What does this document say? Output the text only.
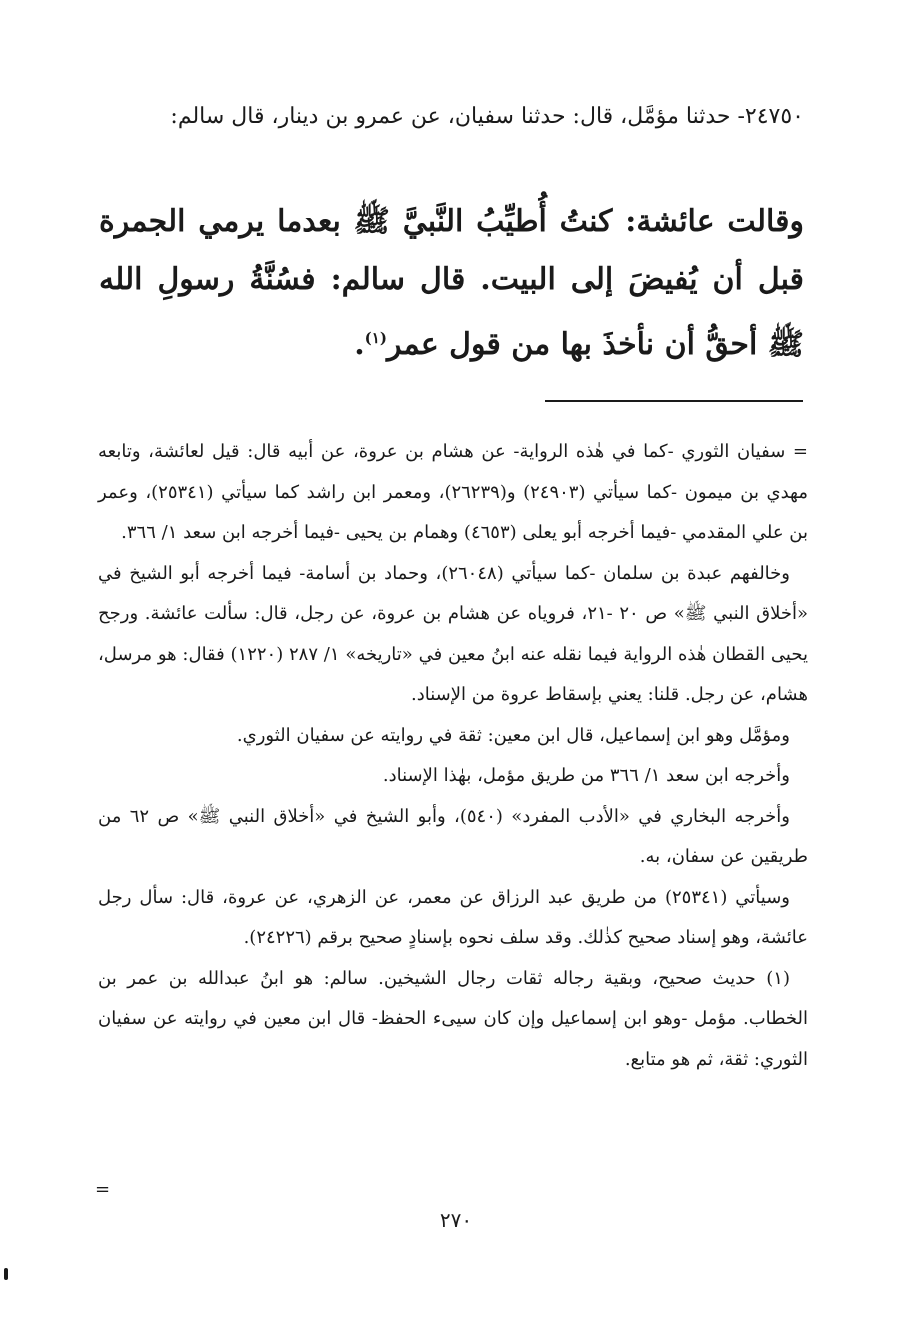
٢٤٧٥٠- حدثنا مؤمَّل، قال: حدثنا سفيان، عن عمرو بن دينار، قال سالم:
وقالت عائشة: كنتُ أُطيِّبُ النَّبيَّ ﷺ بعدما يرمي الجمرة قبل أن يُفيضَ إلى البيت. قال سالم: فسُنَّةُ رسولِ الله ﷺ أحقُّ أن نأخذَ بها من قول عمر$^{(١)}$.

= سفيان الثوري -كما في هٰذه الرواية- عن هشام بن عروة، عن أبيه قال: قيل لعائشة، وتابعه مهدي بن ميمون -كما سيأتي (٢٤٩٠٣) و(٢٦٢٣٩)، ومعمر ابن راشد كما سيأتي (٢٥٣٤١)، وعمر بن علي المقدمي -فيما أخرجه أبو يعلى (٤٦٥٣) وهمام بن يحيى -فيما أخرجه ابن سعد ١/ ٣٦٦.

وخالفهم عبدة بن سلمان -كما سيأتي (٢٦٠٤٨)، وحماد بن أسامة- فيما أخرجه أبو الشيخ في «أخلاق النبي ﷺ» ص ٢٠ -٢١، فروياه عن هشام بن عروة، عن رجل، قال: سألت عائشة. ورجح يحيى القطان هٰذه الرواية فيما نقله عنه ابنُ معين في «تاريخه» ١/ ٢٨٧ (١٢٢٠) فقال: هو مرسل، هشام، عن رجل. قلنا: يعني بإسقاط عروة من الإسناد.

ومؤمَّل وهو ابن إسماعيل، قال ابن معين: ثقة في روايته عن سفيان الثوري.

وأخرجه ابن سعد ١/ ٣٦٦ من طريق مؤمل، بهٰذا الإسناد.

وأخرجه البخاري في «الأدب المفرد» (٥٤٠)، وأبو الشيخ في «أخلاق النبي ﷺ» ص ٦٢ من طريقين عن سفان، به.

وسيأتي (٢٥٣٤١) من طريق عبد الرزاق عن معمر، عن الزهري، عن عروة، قال: سأل رجل عائشة، وهو إسناد صحيح كذٰلك. وقد سلف نحوه بإسنادٍ صحيح برقم (٢٤٢٢٦).

(١) حديث صحيح، وبقية رجاله ثقات رجال الشيخين. سالم: هو ابنُ عبدالله بن عمر بن الخطاب. مؤمل -وهو ابن إسماعيل وإن كان سيىء الحفظ- قال ابن معين في روايته عن سفيان الثوري: ثقة، ثم هو متابع.

=
٢٧٠
